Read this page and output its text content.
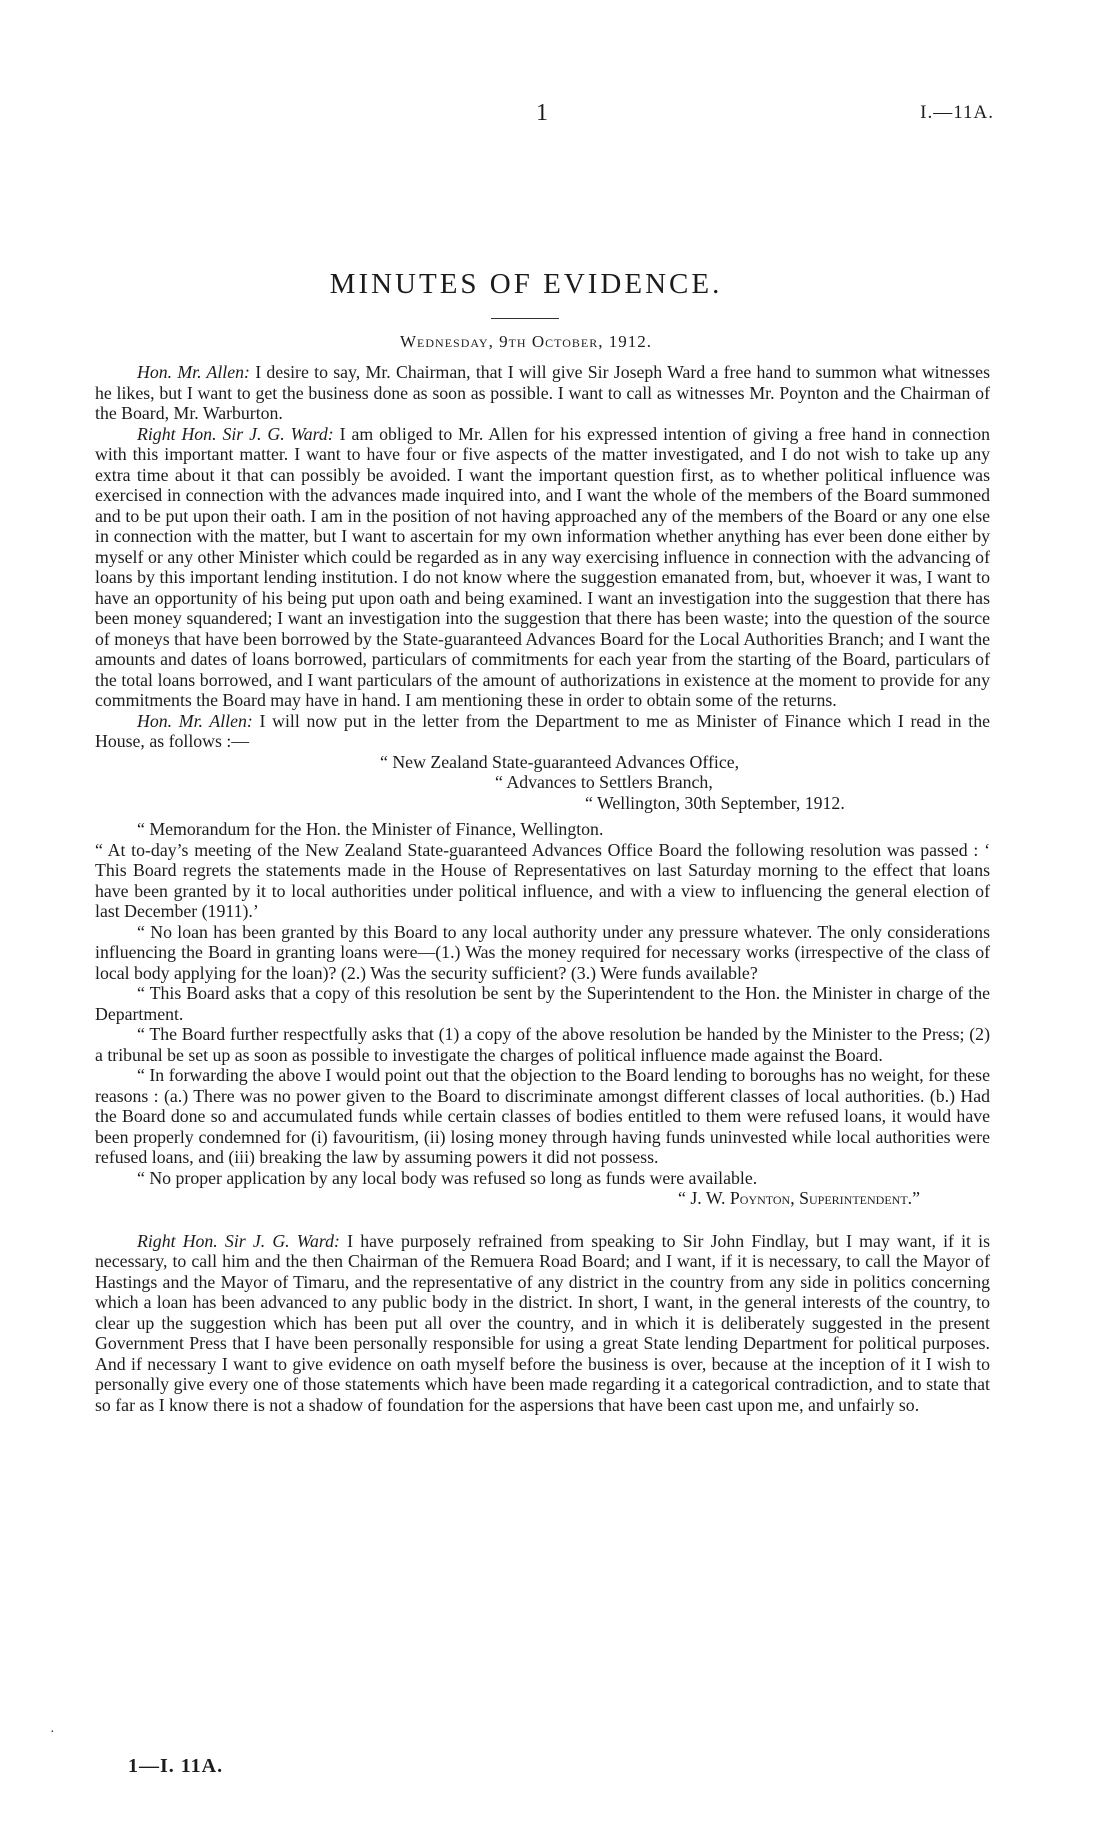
1	I.—11A.
MINUTES OF EVIDENCE.
Wednesday, 9th October, 1912.

Hon. Mr. Allen: I desire to say, Mr. Chairman, that I will give Sir Joseph Ward a free hand to summon what witnesses he likes, but I want to get the business done as soon as possible. I want to call as witnesses Mr. Poynton and the Chairman of the Board, Mr. Warburton.

Right Hon. Sir J. G. Ward: I am obliged to Mr. Allen for his expressed intention of giving a free hand in connection with this important matter. I want to have four or five aspects of the matter investigated, and I do not wish to take up any extra time about it that can possibly be avoided. I want the important question first, as to whether political influence was exercised in connection with the advances made inquired into, and I want the whole of the members of the Board summoned and to be put upon their oath. I am in the position of not having approached any of the members of the Board or any one else in connection with the matter, but I want to ascertain for my own information whether anything has ever been done either by myself or any other Minister which could be regarded as in any way exercising influence in connection with the advancing of loans by this important lending institution. I do not know where the suggestion emanated from, but, whoever it was, I want to have an opportunity of his being put upon oath and being examined. I want an investigation into the suggestion that there has been money squandered; I want an investigation into the suggestion that there has been waste; into the question of the source of moneys that have been borrowed by the State-guaranteed Advances Board for the Local Authorities Branch; and I want the amounts and dates of loans borrowed, particulars of commitments for each year from the starting of the Board, particulars of the total loans borrowed, and I want particulars of the amount of authorizations in existence at the moment to provide for any commitments the Board may have in hand. I am mentioning these in order to obtain some of the returns.

Hon. Mr. Allen: I will now put in the letter from the Department to me as Minister of Finance which I read in the House, as follows :—

“ New Zealand State-guaranteed Advances Office,

“ Advances to Settlers Branch,

“ Wellington, 30th September, 1912.

“ Memorandum for the Hon. the Minister of Finance, Wellington.

“ At to-day’s meeting of the New Zealand State-guaranteed Advances Office Board the following resolution was passed : ‘ This Board regrets the statements made in the House of Representatives on last Saturday morning to the effect that loans have been granted by it to local authorities under political influence, and with a view to influencing the general election of last December (1911).’

“ No loan has been granted by this Board to any local authority under any pressure whatever. The only considerations influencing the Board in granting loans were—(1.) Was the money required for necessary works (irrespective of the class of local body applying for the loan)? (2.) Was the security sufficient? (3.) Were funds available?

“ This Board asks that a copy of this resolution be sent by the Superintendent to the Hon. the Minister in charge of the Department.

“ The Board further respectfully asks that (1) a copy of the above resolution be handed by the Minister to the Press; (2) a tribunal be set up as soon as possible to investigate the charges of political influence made against the Board.

“ In forwarding the above I would point out that the objection to the Board lending to boroughs has no weight, for these reasons : (a.) There was no power given to the Board to discriminate amongst different classes of local authorities. (b.) Had the Board done so and accumulated funds while certain classes of bodies entitled to them were refused loans, it would have been properly condemned for (i) favouritism, (ii) losing money through having funds uninvested while local authorities were refused loans, and (iii) breaking the law by assuming powers it did not possess.

“ No proper application by any local body was refused so long as funds were available.

“ J. W. Poynton, Superintendent.”

Right Hon. Sir J. G. Ward: I have purposely refrained from speaking to Sir John Findlay, but I may want, if it is necessary, to call him and the then Chairman of the Remuera Road Board; and I want, if it is necessary, to call the Mayor of Hastings and the Mayor of Timaru, and the representative of any district in the country from any side in politics concerning which a loan has been advanced to any public body in the district. In short, I want, in the general interests of the country, to clear up the suggestion which has been put all over the country, and in which it is deliberately suggested in the present Government Press that I have been personally responsible for using a great State lending Department for political purposes. And if necessary I want to give evidence on oath myself before the business is over, because at the inception of it I wish to personally give every one of those statements which have been made regarding it a categorical contradiction, and to state that so far as I know there is not a shadow of foundation for the aspersions that have been cast upon me, and unfairly so.

·
1—I. 11A.
